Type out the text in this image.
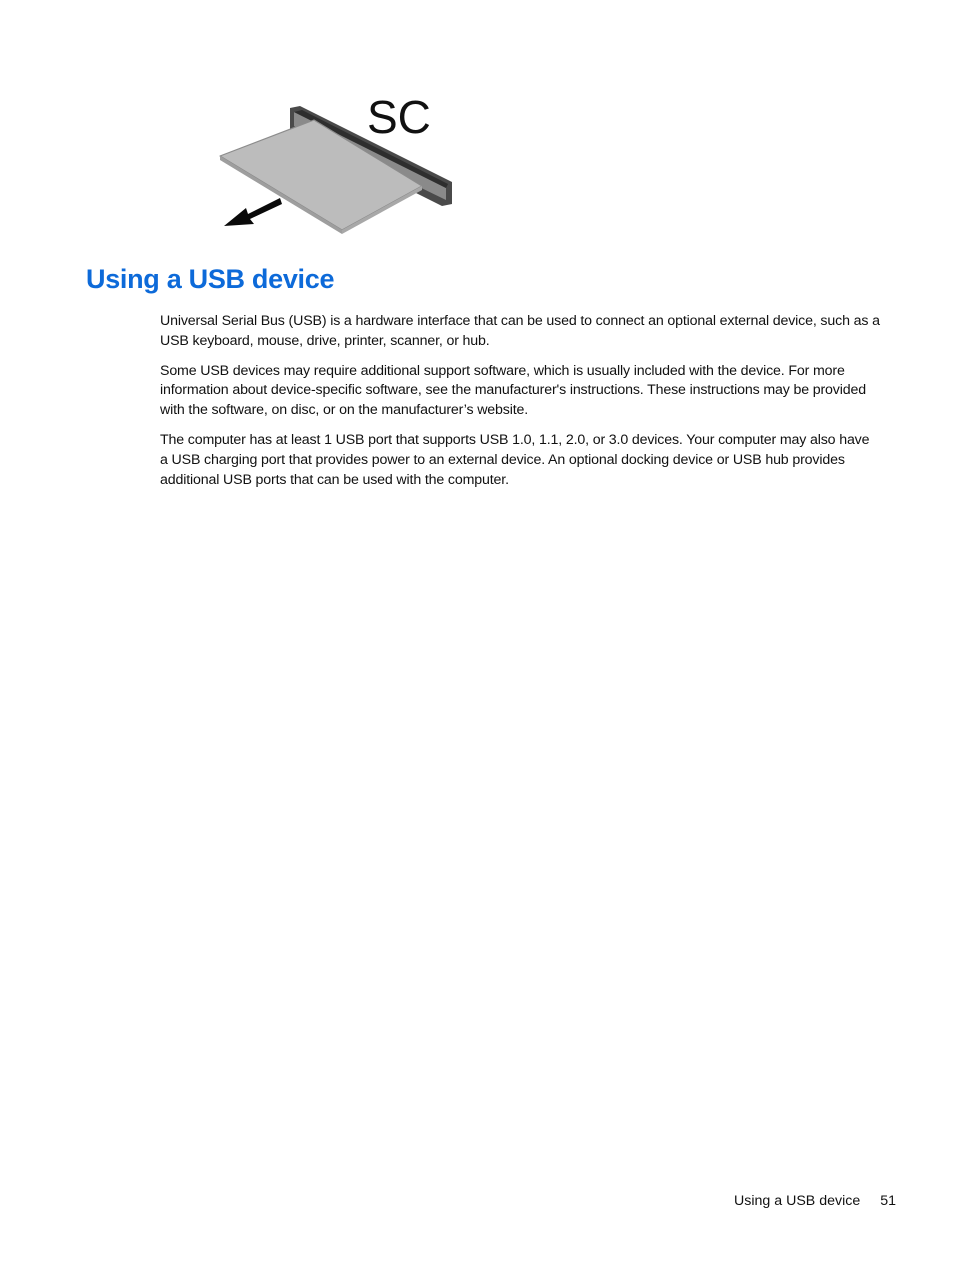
SC
Using a USB device

Universal Serial Bus (USB) is a hardware interface that can be used to connect an optional external device, such as a USB keyboard, mouse, drive, printer, scanner, or hub.

Some USB devices may require additional support software, which is usually included with the device. For more information about device-specific software, see the manufacturer's instructions. These instructions may be provided with the software, on disc, or on the manufacturer’s website.

The computer has at least 1 USB port that supports USB 1.0, 1.1, 2.0, or 3.0 devices. Your computer may also have a USB charging port that provides power to an external device. An optional docking device or USB hub provides additional USB ports that can be used with the computer.

Using a USB device 51
